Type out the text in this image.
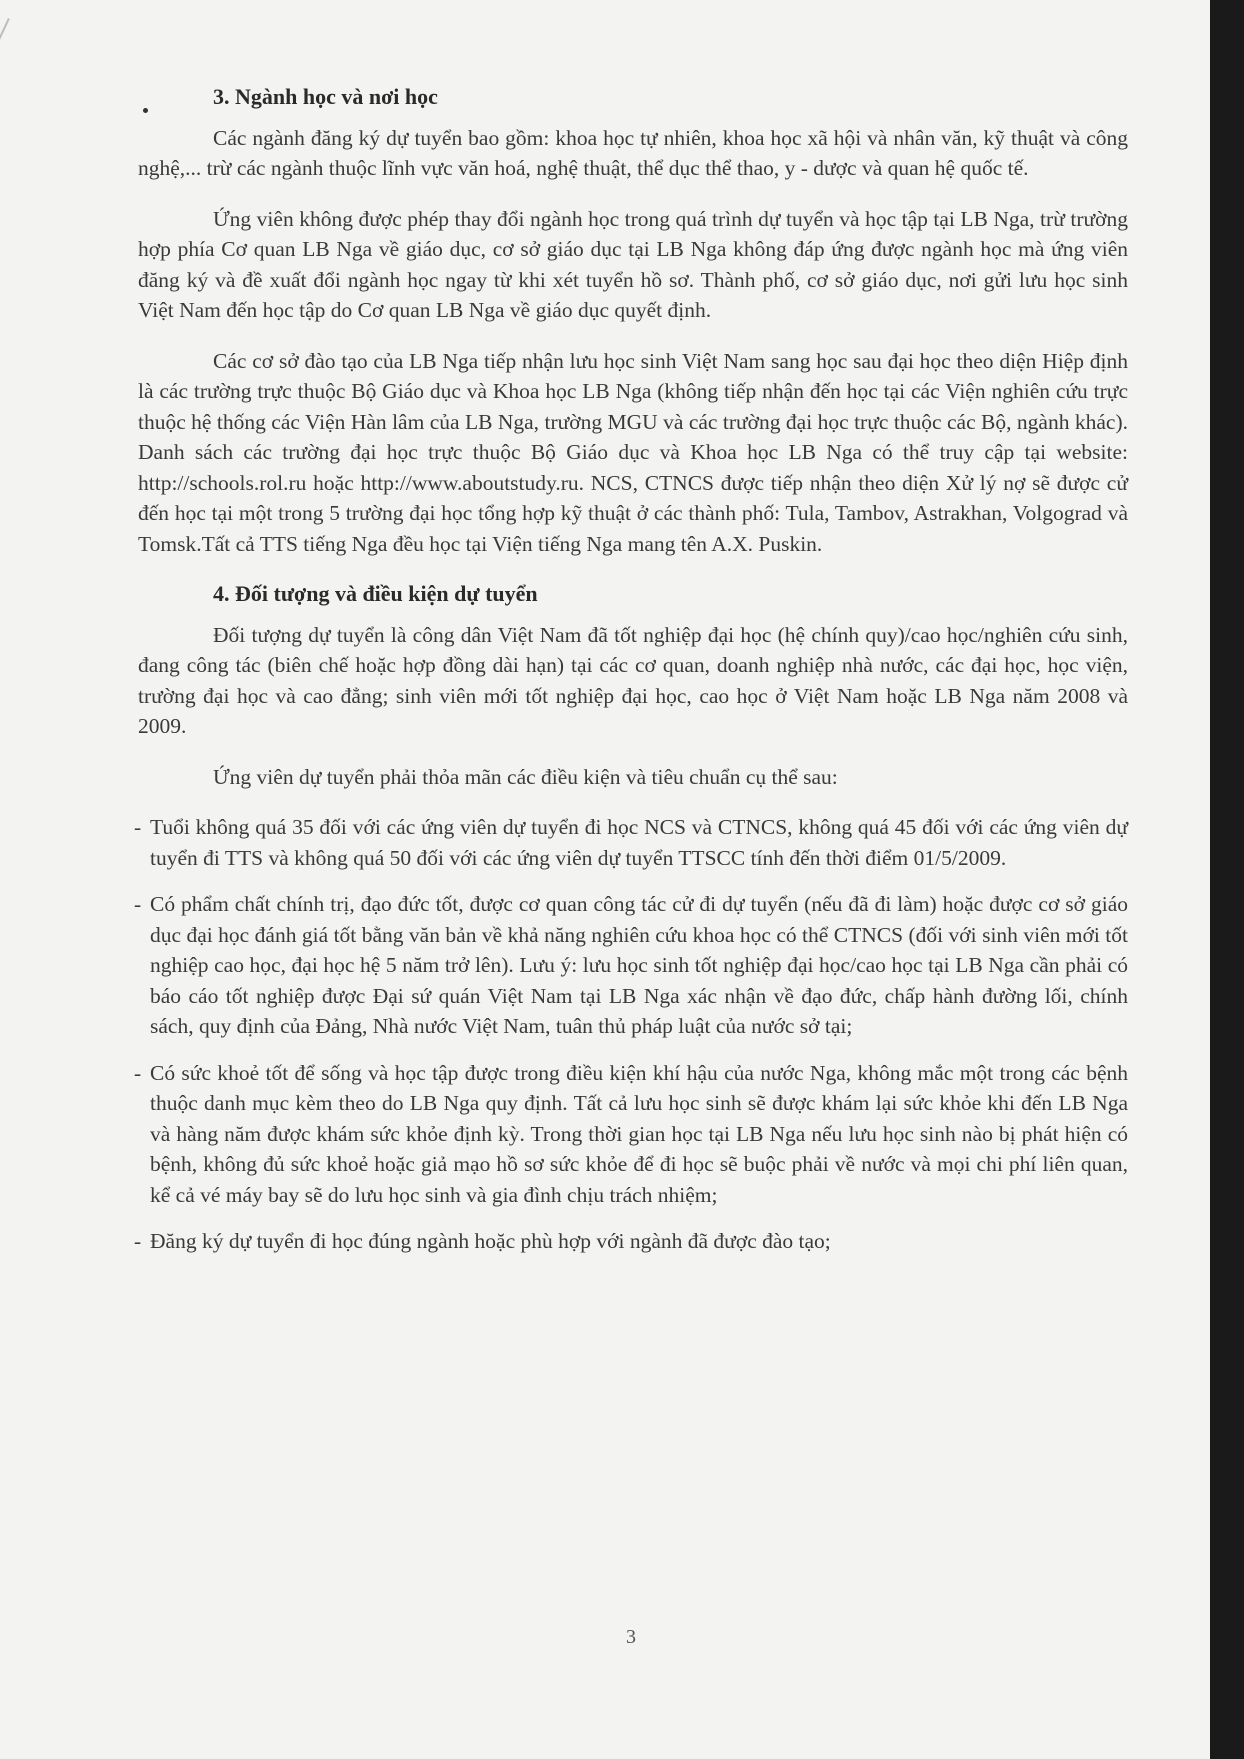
3. Ngành học và nơi học

Các ngành đăng ký dự tuyển bao gồm: khoa học tự nhiên, khoa học xã hội và nhân văn, kỹ thuật và công nghệ,... trừ các ngành thuộc lĩnh vực văn hoá, nghệ thuật, thể dục thể thao, y - dược và quan hệ quốc tế.

Ứng viên không được phép thay đổi ngành học trong quá trình dự tuyển và học tập tại LB Nga, trừ trường hợp phía Cơ quan LB Nga về giáo dục, cơ sở giáo dục tại LB Nga không đáp ứng được ngành học mà ứng viên đăng ký và đề xuất đổi ngành học ngay từ khi xét tuyển hồ sơ. Thành phố, cơ sở giáo dục, nơi gửi lưu học sinh Việt Nam đến học tập do Cơ quan LB Nga về giáo dục quyết định.

Các cơ sở đào tạo của LB Nga tiếp nhận lưu học sinh Việt Nam sang học sau đại học theo diện Hiệp định là các trường trực thuộc Bộ Giáo dục và Khoa học LB Nga (không tiếp nhận đến học tại các Viện nghiên cứu trực thuộc hệ thống các Viện Hàn lâm của LB Nga, trường MGU và các trường đại học trực thuộc các Bộ, ngành khác). Danh sách các trường đại học trực thuộc Bộ Giáo dục và Khoa học LB Nga có thể truy cập tại website: http://schools.rol.ru hoặc http://www.aboutstudy.ru. NCS, CTNCS được tiếp nhận theo diện Xử lý nợ sẽ được cử đến học tại một trong 5 trường đại học tổng hợp kỹ thuật ở các thành phố: Tula, Tambov, Astrakhan, Volgograd và Tomsk.Tất cả TTS tiếng Nga đều học tại Viện tiếng Nga mang tên A.X. Puskin.

4. Đối tượng và điều kiện dự tuyển

Đối tượng dự tuyển là công dân Việt Nam đã tốt nghiệp đại học (hệ chính quy)/cao học/nghiên cứu sinh, đang công tác (biên chế hoặc hợp đồng dài hạn) tại các cơ quan, doanh nghiệp nhà nước, các đại học, học viện, trường đại học và cao đẳng; sinh viên mới tốt nghiệp đại học, cao học ở Việt Nam hoặc LB Nga năm 2008 và 2009.

Ứng viên dự tuyển phải thỏa mãn các điều kiện và tiêu chuẩn cụ thể sau:

- Tuổi không quá 35 đối với các ứng viên dự tuyển đi học NCS và CTNCS, không quá 45 đối với các ứng viên dự tuyển đi TTS và không quá 50 đối với các ứng viên dự tuyển TTSCC tính đến thời điểm 01/5/2009.
- Có phẩm chất chính trị, đạo đức tốt, được cơ quan công tác cử đi dự tuyển (nếu đã đi làm) hoặc được cơ sở giáo dục đại học đánh giá tốt bằng văn bản về khả năng nghiên cứu khoa học có thể CTNCS (đối với sinh viên mới tốt nghiệp cao học, đại học hệ 5 năm trở lên). Lưu ý: lưu học sinh tốt nghiệp đại học/cao học tại LB Nga cần phải có báo cáo tốt nghiệp được Đại sứ quán Việt Nam tại LB Nga xác nhận về đạo đức, chấp hành đường lối, chính sách, quy định của Đảng, Nhà nước Việt Nam, tuân thủ pháp luật của nước sở tại;
- Có sức khoẻ tốt để sống và học tập được trong điều kiện khí hậu của nước Nga, không mắc một trong các bệnh thuộc danh mục kèm theo do LB Nga quy định. Tất cả lưu học sinh sẽ được khám lại sức khỏe khi đến LB Nga và hàng năm được khám sức khỏe định kỳ. Trong thời gian học tại LB Nga nếu lưu học sinh nào bị phát hiện có bệnh, không đủ sức khoẻ hoặc giả mạo hồ sơ sức khỏe để đi học sẽ buộc phải về nước và mọi chi phí liên quan, kể cả vé máy bay sẽ do lưu học sinh và gia đình chịu trách nhiệm;
- Đăng ký dự tuyển đi học đúng ngành hoặc phù hợp với ngành đã được đào tạo;
3
